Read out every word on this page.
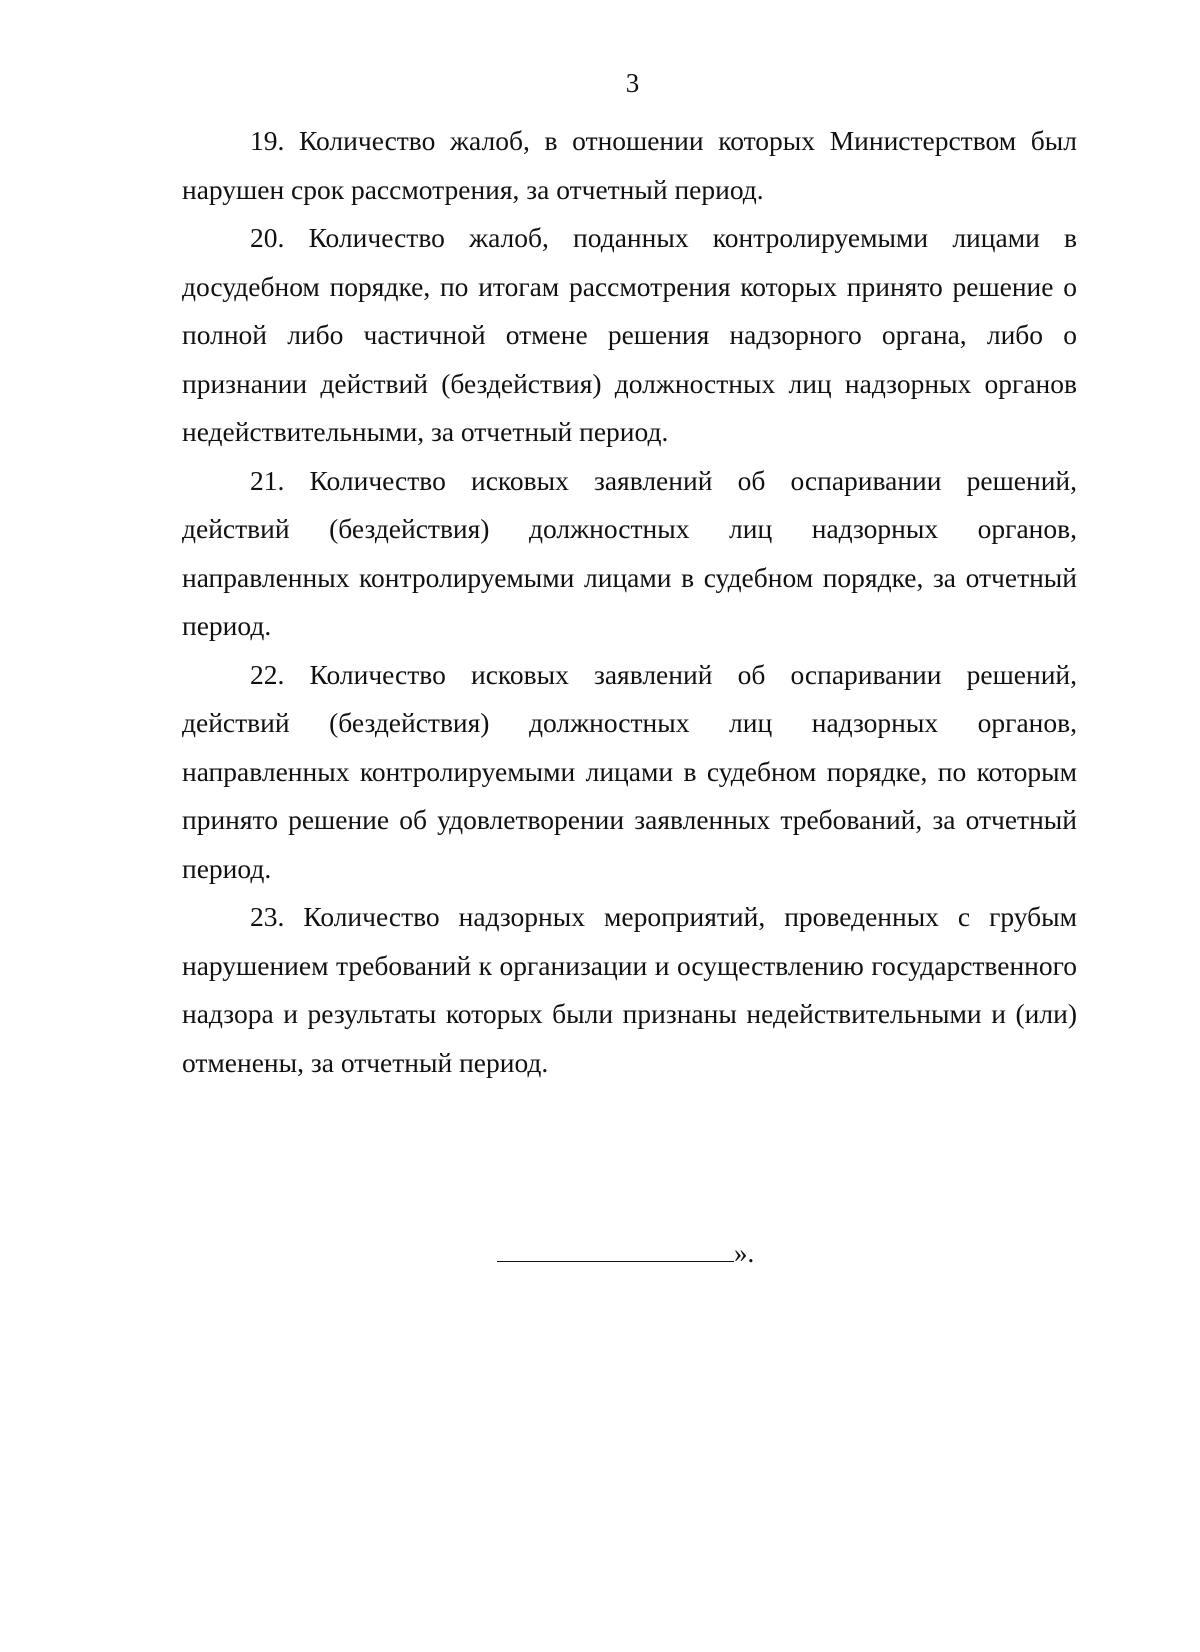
3

19. Количество жалоб, в отношении которых Министерством был нарушен срок рассмотрения, за отчетный период.

20. Количество жалоб, поданных контролируемыми лицами в досудебном порядке, по итогам рассмотрения которых принято решение о полной либо частичной отмене решения надзорного органа, либо о признании действий (бездействия) должностных лиц надзорных органов недействительными, за отчетный период.

21. Количество исковых заявлений об оспаривании решений, действий (бездействия) должностных лиц надзорных органов, направленных контролируемыми лицами в судебном порядке, за отчетный период.

22. Количество исковых заявлений об оспаривании решений, действий (бездействия) должностных лиц надзорных органов, направленных контролируемыми лицами в судебном порядке, по которым принято решение об удовлетворении заявленных требований, за отчетный период.

23. Количество надзорных мероприятий, проведенных с грубым нарушением требований к организации и осуществлению государственного надзора и результаты которых были признаны недействительными и (или) отменены, за отчетный период.

».
